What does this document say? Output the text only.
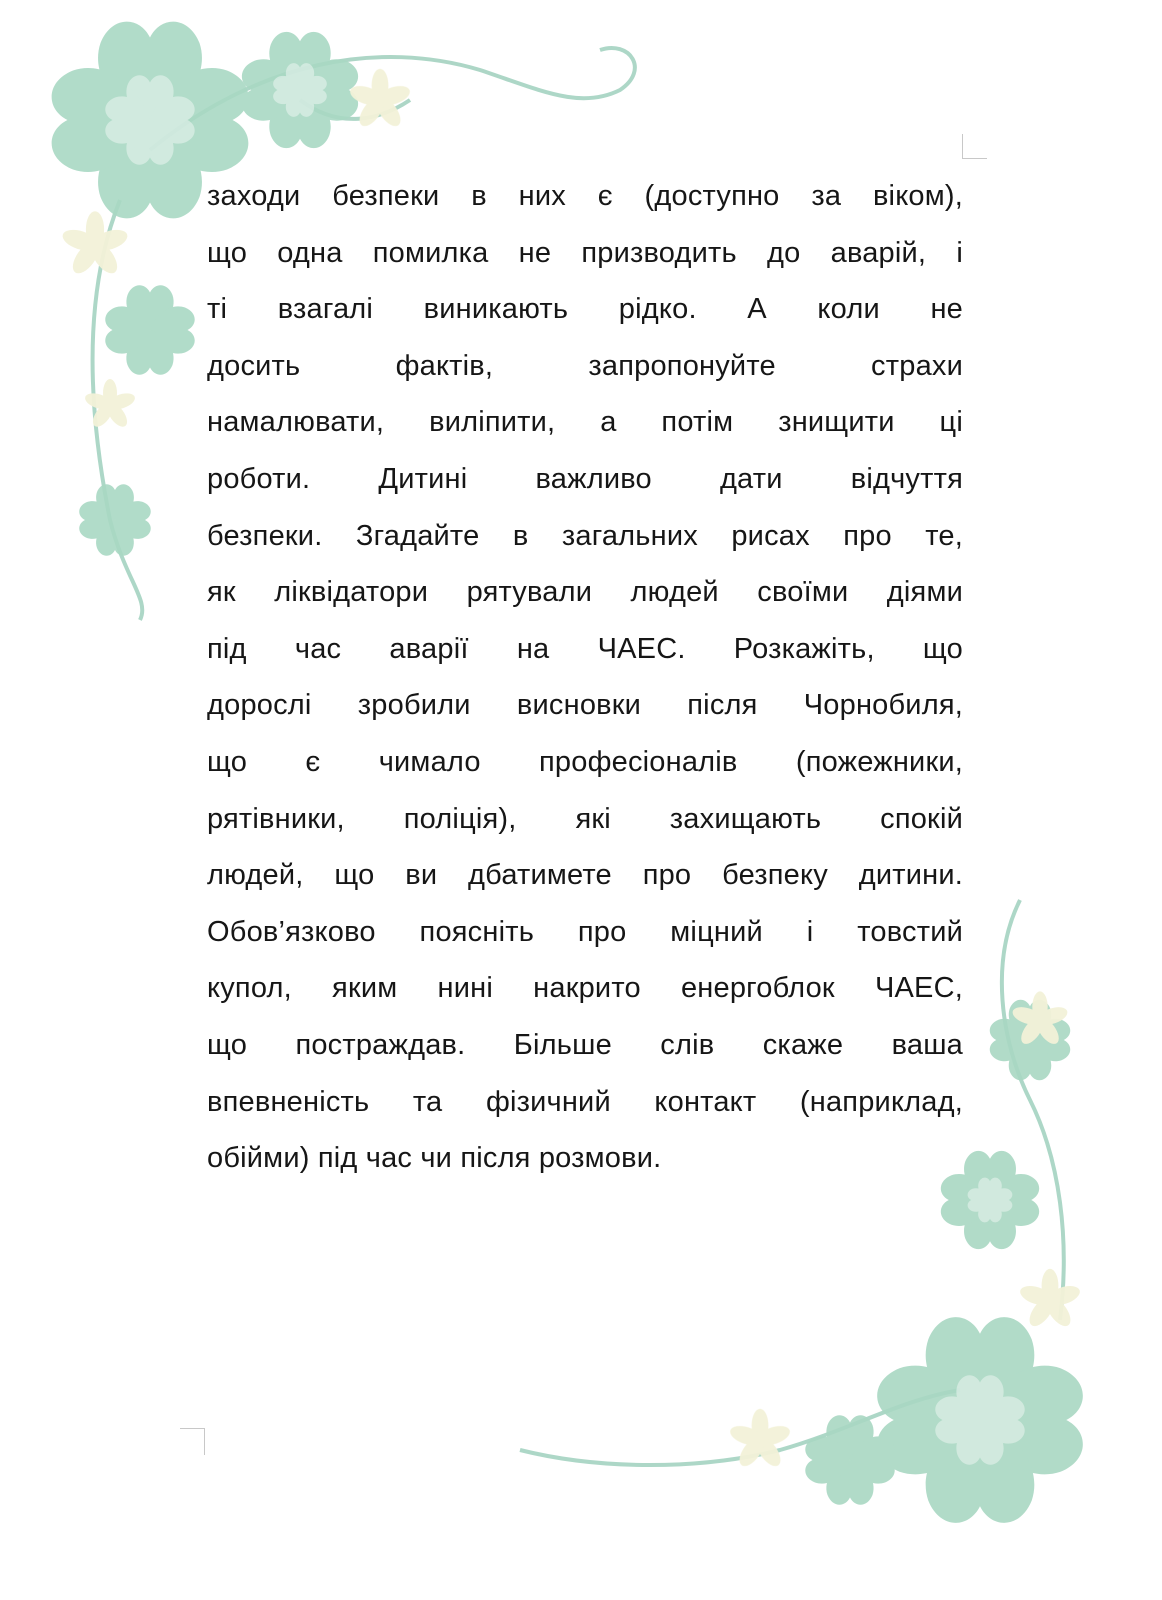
заходи безпеки в них є (доступно за віком),
що одна помилка не призводить до аварій, і
ті взагалі виникають рідко. А коли не
досить фактів, запропонуйте страхи
намалювати, виліпити, а потім знищити ці
роботи. Дитині важливо дати відчуття
безпеки. Згадайте в загальних рисах про те,
як ліквідатори рятували людей своїми діями
під час аварії на ЧАЕС. Розкажіть, що
дорослі зробили висновки після Чорнобиля,
що є чимало професіоналів (пожежники,
рятівники, поліція), які захищають спокій
людей, що ви дбатимете про безпеку дитини.
Обов’язково поясніть про міцний і товстий
купол, яким нині накрито енергоблок ЧАЕС,
що постраждав. Більше слів скаже ваша
впевненість та фізичний контакт (наприклад,
обійми) під час чи після розмови.
